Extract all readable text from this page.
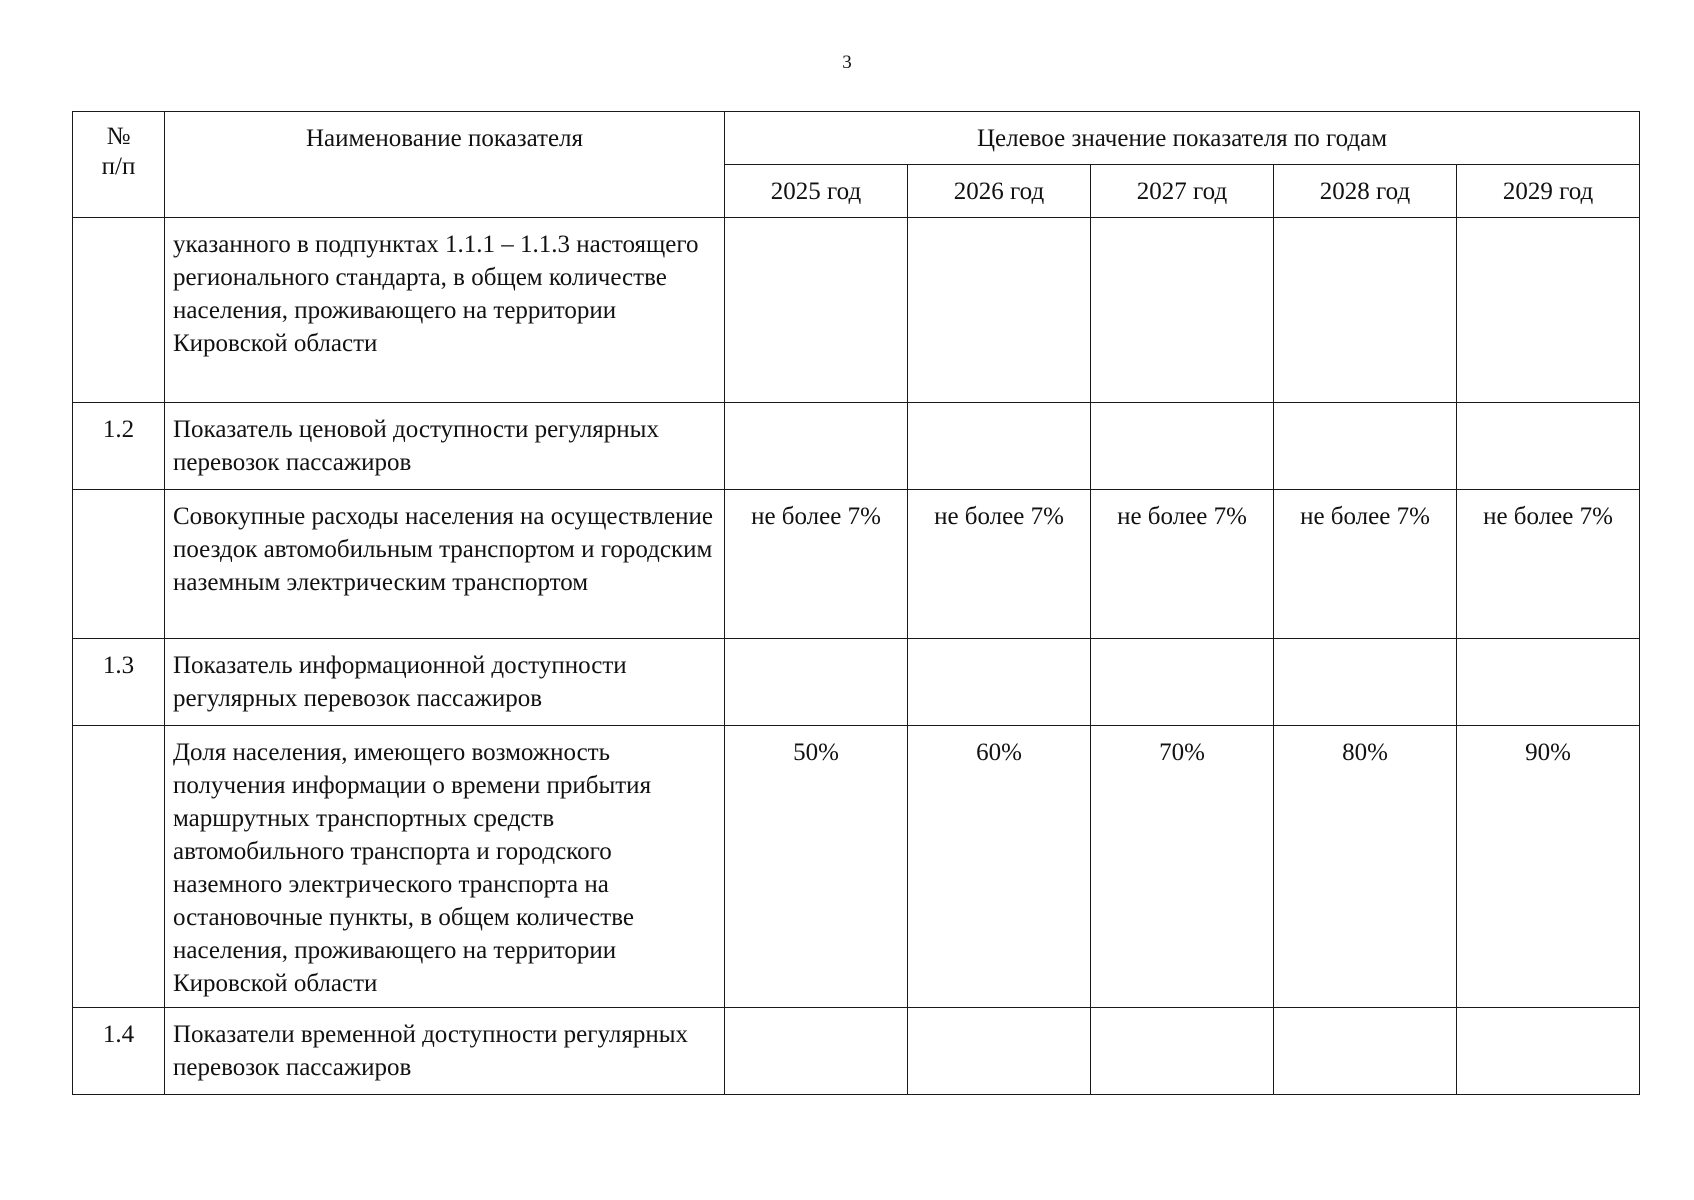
3
№
п/п	Наименование показателя	Целевое значение показателя по годам				
		2025 год	2026 год	2027 год	2028 год	2029 год
	указанного в подпунктах 1.1.1 – 1.1.3 настоящего регионального стандарта, в общем количестве населения, проживающего на территории Кировской области					
1.2	Показатель ценовой доступности регулярных перевозок пассажиров					
	Совокупные расходы населения на осуществление поездок автомобильным транспортом и городским наземным электрическим транспортом	не более 7%	не более 7%	не более 7%	не более 7%	не более 7%
1.3	Показатель информационной доступности регулярных перевозок пассажиров					
	Доля населения, имеющего возможность получения информации о времени прибытия маршрутных транспортных средств автомобильного транспорта и городского наземного электрического транспорта на остановочные пункты, в общем количестве населения, проживающего на территории Кировской области	50%	60%	70%	80%	90%
1.4	Показатели временной доступности регулярных перевозок пассажиров					
